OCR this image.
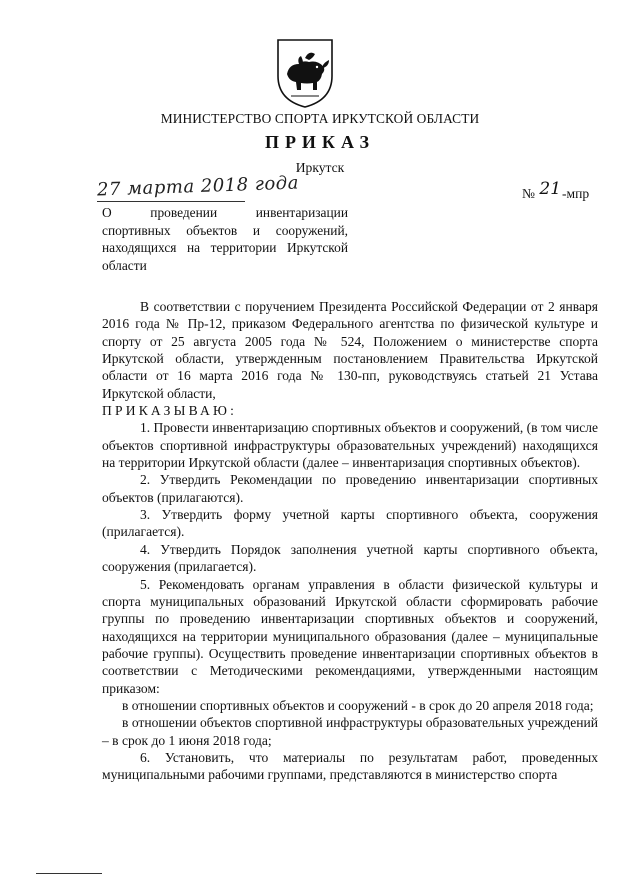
МИНИСТЕРСТВО СПОРТА ИРКУТСКОЙ ОБЛАСТИ
ПРИКАЗ
Иркутск
27 марта 2018 года	№ 21-мпр
О проведении инвентаризации спортивных объектов и сооружений, находящихся на территории Иркутской области

В соответствии с поручением Президента Российской Федерации от 2 января 2016 года № Пр-12, приказом Федерального агентства по физической культуре и спорту от 25 августа 2005 года № 524, Положением о министерстве спорта Иркутской области, утвержденным постановлением Правительства Иркутской области от 16 марта 2016 года № 130-пп, руководствуясь статьей 21 Устава Иркутской области,

ПРИКАЗЫВАЮ:

1. Провести инвентаризацию спортивных объектов и сооружений, (в том числе объектов спортивной инфраструктуры образовательных учреждений) находящихся на территории Иркутской области (далее – инвентаризация спортивных объектов).

2. Утвердить Рекомендации по проведению инвентаризации спортивных объектов (прилагаются).

3. Утвердить форму учетной карты спортивного объекта, сооружения (прилагается).

4. Утвердить Порядок заполнения учетной карты спортивного объекта, сооружения (прилагается).

5. Рекомендовать органам управления в области физической культуры и спорта муниципальных образований Иркутской области сформировать рабочие группы по проведению инвентаризации спортивных объектов и сооружений, находящихся на территории муниципального образования (далее – муниципальные рабочие группы). Осуществить проведение инвентаризации спортивных объектов в соответствии с Методическими рекомендациями, утвержденными настоящим приказом:

в отношении спортивных объектов и сооружений - в срок до 20 апреля 2018 года;

в отношении объектов спортивной инфраструктуры образовательных учреждений – в срок до 1 июня 2018 года;

6. Установить, что материалы по результатам работ, проведенных муниципальными рабочими группами, представляются в министерство спорта
